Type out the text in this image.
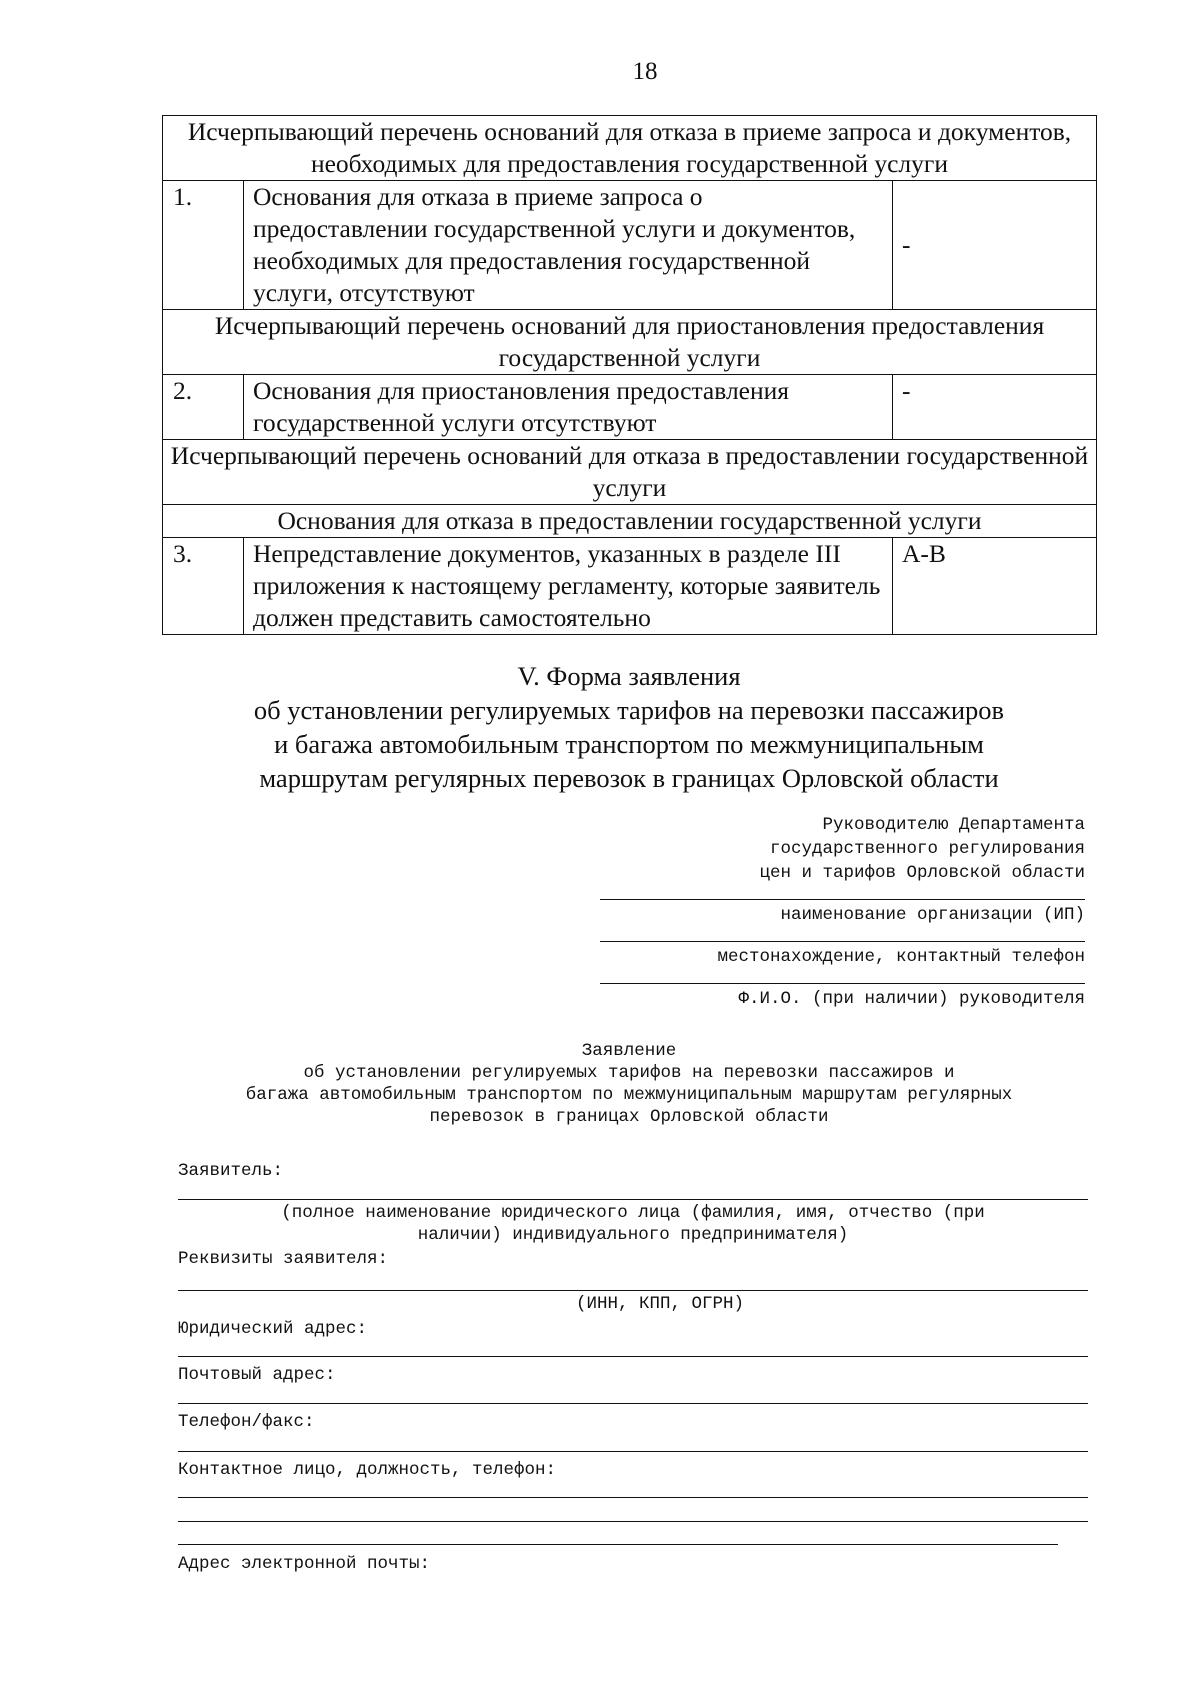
18
Исчерпывающий перечень оснований для отказа в приеме запроса и документов, необходимых для предоставления государственной услуги		
1.	Основания для отказа в приеме запроса о предоставлении государственной услуги и документов, необходимых для предоставления государственной услуги, отсутствуют	-
Исчерпывающий перечень оснований для приостановления предоставления государственной услуги		
2.	Основания для приостановления предоставления государственной услуги отсутствуют	-
Исчерпывающий перечень оснований для отказа в предоставлении государственной услуги		
Основания для отказа в предоставлении государственной услуги		
3.	Непредставление документов, указанных в разделе III приложения к настоящему регламенту, которые заявитель должен представить самостоятельно	А-В
V. Форма заявления
об установлении регулируемых тарифов на перевозки пассажиров
и багажа автомобильным транспортом по межмуниципальным
маршрутам регулярных перевозок в границах Орловской области
Руководителю Департамента
государственного регулирования
цен и тарифов Орловской области
наименование организации (ИП)
местонахождение, контактный телефон
Ф.И.О. (при наличии) руководителя
Заявление
об установлении регулируемых тарифов на перевозки пассажиров и
багажа автомобильным транспортом по межмуниципальным маршрутам регулярных
перевозок в границах Орловской области
Заявитель:
(полное наименование юридического лица (фамилия, имя, отчество (при
наличии) индивидуального предпринимателя)
Реквизиты заявителя:
(ИНН, КПП, ОГРН)
Юридический адрес:
Почтовый адрес:
Телефон/факс:
Контактное лицо, должность, телефон:
Адрес электронной почты:
